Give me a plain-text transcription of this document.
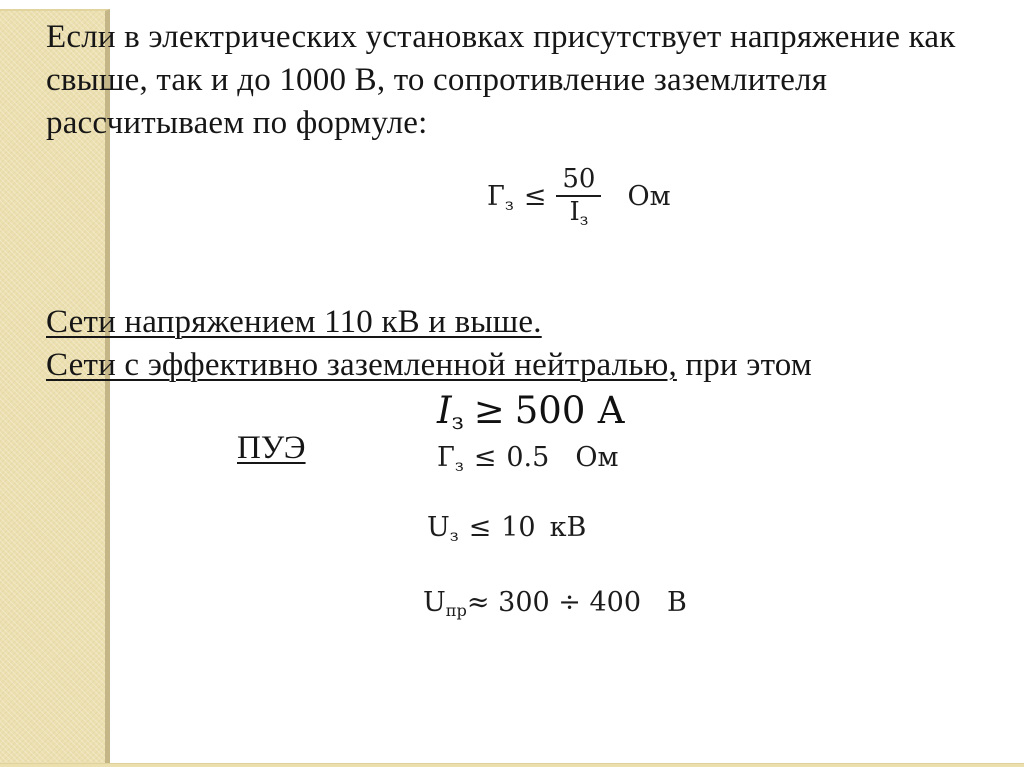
Если в электрических установках присутствует напряжение как
свыше, так и до 1000 В, то сопротивление заземлителя
рассчитываем по формуле:
Гз ≤ $\frac{50}{Iз}$ Ом
Сети напряжением 110 кВ и выше.
Сети с эффективно заземленной нейтралью, при этом
Iз ≥ 500 А
ПУЭ	Гз ≤ 0.5 Ом
Uз ≤ 10 кВ
Uпр≈ 300 ÷ 400 В
